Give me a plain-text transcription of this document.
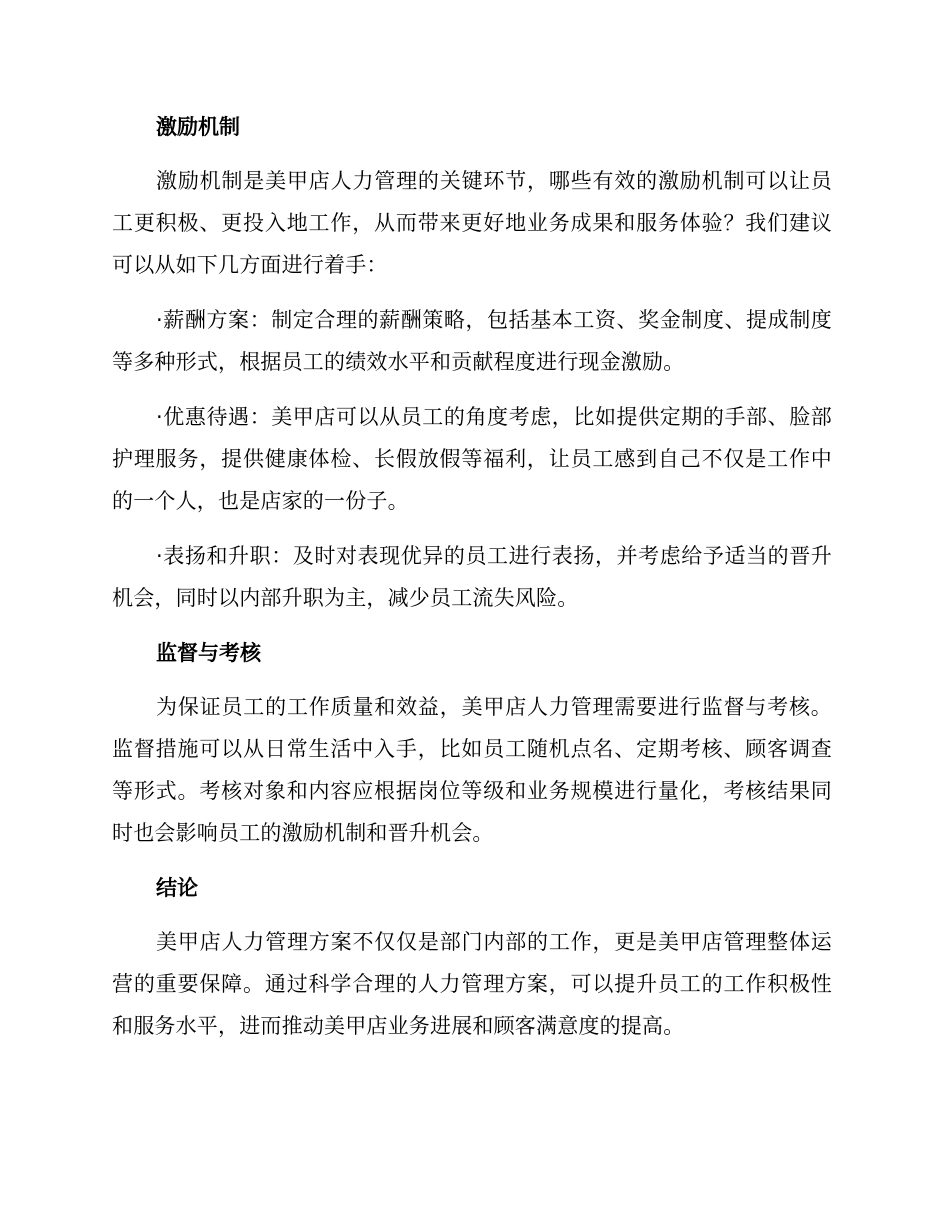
激励机制

激励机制是美甲店人力管理的关键环节，哪些有效的激励机制可以让员工更积极、更投入地工作，从而带来更好地业务成果和服务体验？我们建议可以从如下几方面进行着手：

·薪酬方案：制定合理的薪酬策略，包括基本工资、奖金制度、提成制度等多种形式，根据员工的绩效水平和贡献程度进行现金激励。

·优惠待遇：美甲店可以从员工的角度考虑，比如提供定期的手部、脸部护理服务，提供健康体检、长假放假等福利，让员工感到自己不仅是工作中的一个人，也是店家的一份子。

·表扬和升职：及时对表现优异的员工进行表扬，并考虑给予适当的晋升机会，同时以内部升职为主，减少员工流失风险。

监督与考核

为保证员工的工作质量和效益，美甲店人力管理需要进行监督与考核。监督措施可以从日常生活中入手，比如员工随机点名、定期考核、顾客调查等形式。考核对象和内容应根据岗位等级和业务规模进行量化，考核结果同时也会影响员工的激励机制和晋升机会。

结论

美甲店人力管理方案不仅仅是部门内部的工作，更是美甲店管理整体运营的重要保障。通过科学合理的人力管理方案，可以提升员工的工作积极性和服务水平，进而推动美甲店业务进展和顾客满意度的提高。
